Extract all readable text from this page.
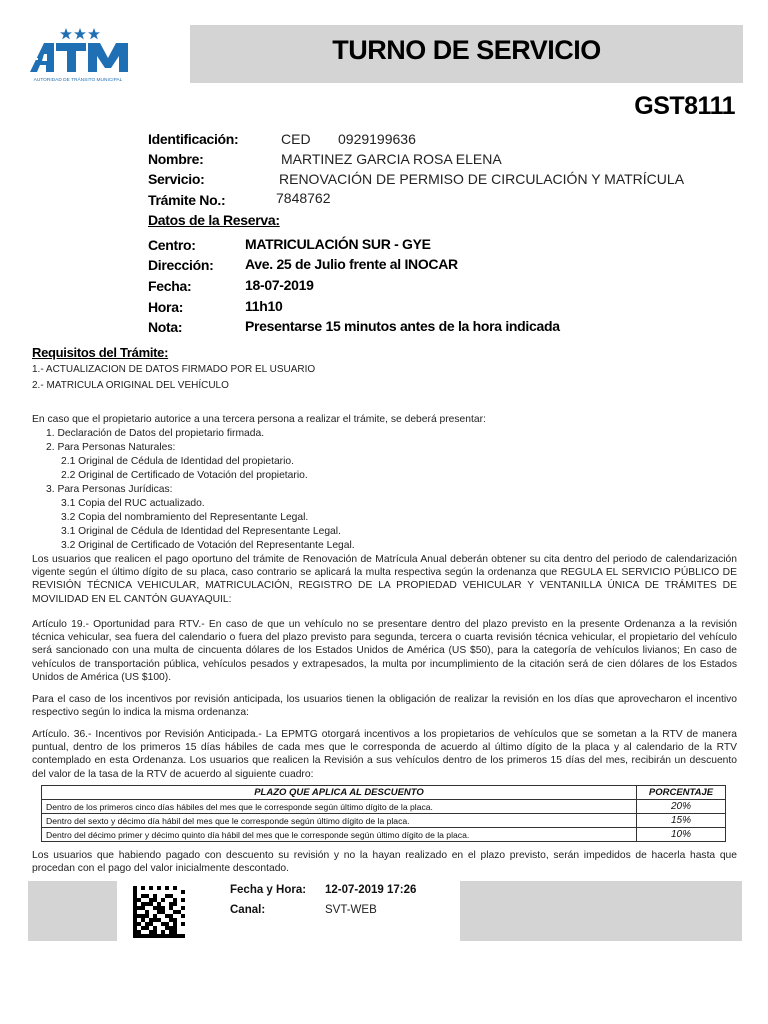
AUTORIDAD DE TRÁNSITO MUNICIPAL
TURNO DE SERVICIO
GST8111
Identificación:	CED 0929199636
Nombre:	MARTINEZ GARCIA ROSA ELENA
Servicio:	RENOVACIÓN DE PERMISO DE CIRCULACIÓN Y MATRÍCULA
Trámite No.:	7848762
Datos de la Reserva:
Centro:	MATRICULACIÓN SUR - GYE
Dirección: Ave. 25 de Julio frente al INOCAR
Fecha:	18-07-2019
Hora:	11h10
Nota:	Presentarse 15 minutos antes de la hora indicada
Requisitos del Trámite:
1.- ACTUALIZACION DE DATOS FIRMADO POR EL USUARIO
2.- MATRICULA ORIGINAL DEL VEHÍCULO
En caso que el propietario autorice a una tercera persona a realizar el trámite, se deberá presentar:
1. Declaración de Datos del propietario firmada.
2. Para Personas Naturales:
2.1 Original de Cédula de Identidad del propietario.
2.2 Original de Certificado de Votación del propietario.
3. Para Personas Jurídicas:
3.1 Copia del RUC actualizado.
3.2 Copia del nombramiento del Representante Legal.
3.1 Original de Cédula de Identidad del Representante Legal.
3.2 Original de Certificado de Votación del Representante Legal.
Los usuarios que realicen el pago oportuno del trámite de Renovación de Matrícula Anual deberán obtener su cita dentro del periodo de calendarización vigente según el último dígito de su placa, caso contrario se aplicará la multa respectiva según la ordenanza que REGULA EL SERVICIO PÚBLICO DE REVISIÓN TÉCNICA VEHICULAR, MATRICULACIÓN, REGISTRO DE LA PROPIEDAD VEHICULAR Y VENTANILLA ÚNICA DE TRÁMITES DE MOVILIDAD EN EL CANTÓN GUAYAQUIL:
Artículo 19.- Oportunidad para RTV.- En caso de que un vehículo no se presentare dentro del plazo previsto en la presente Ordenanza a la revisión técnica vehicular, sea fuera del calendario o fuera del plazo previsto para segunda, tercera o cuarta revisión técnica vehicular, el propietario del vehículo será sancionado con una multa de cincuenta dólares de los Estados Unidos de América (US $50), para la categoría de vehículos livianos; En caso de vehículos de transportación pública, vehículos pesados y extrapesados, la multa por incumplimiento de la citación será de cien dólares de los Estados Unidos de América (US $100).
Para el caso de los incentivos por revisión anticipada, los usuarios tienen la obligación de realizar la revisión en los días que aprovecharon el incentivo respectivo según lo indica la misma ordenanza:
Artículo. 36.- Incentivos por Revisión Anticipada.- La EPMTG otorgará incentivos a los propietarios de vehículos que se sometan a la RTV de manera puntual, dentro de los primeros 15 días hábiles de cada mes que le corresponda de acuerdo al último dígito de la placa y al calendario de la RTV contemplado en esta Ordenanza. Los usuarios que realicen la Revisión a sus vehículos dentro de los primeros 15 días del mes, recibirán un descuento del valor de la tasa de la RTV de acuerdo al siguiente cuadro:
PLAZO QUE APLICA AL DESCUENTO	PORCENTAJE
Dentro de los primeros cinco días hábiles del mes que le corresponde según último dígito de la placa.	20%
Dentro del sexto y décimo día hábil del mes que le corresponde según último dígito de la placa.	15%
Dentro del décimo primer y décimo quinto día hábil del mes que le corresponde según último dígito de la placa.	10%
Los usuarios que habiendo pagado con descuento su revisión y no la hayan realizado en el plazo previsto, serán impedidos de hacerla hasta que procedan con el pago del valor inicialmente descontado.
Fecha y Hora: 12-07-2019 17:26
Canal:	SVT-WEB
